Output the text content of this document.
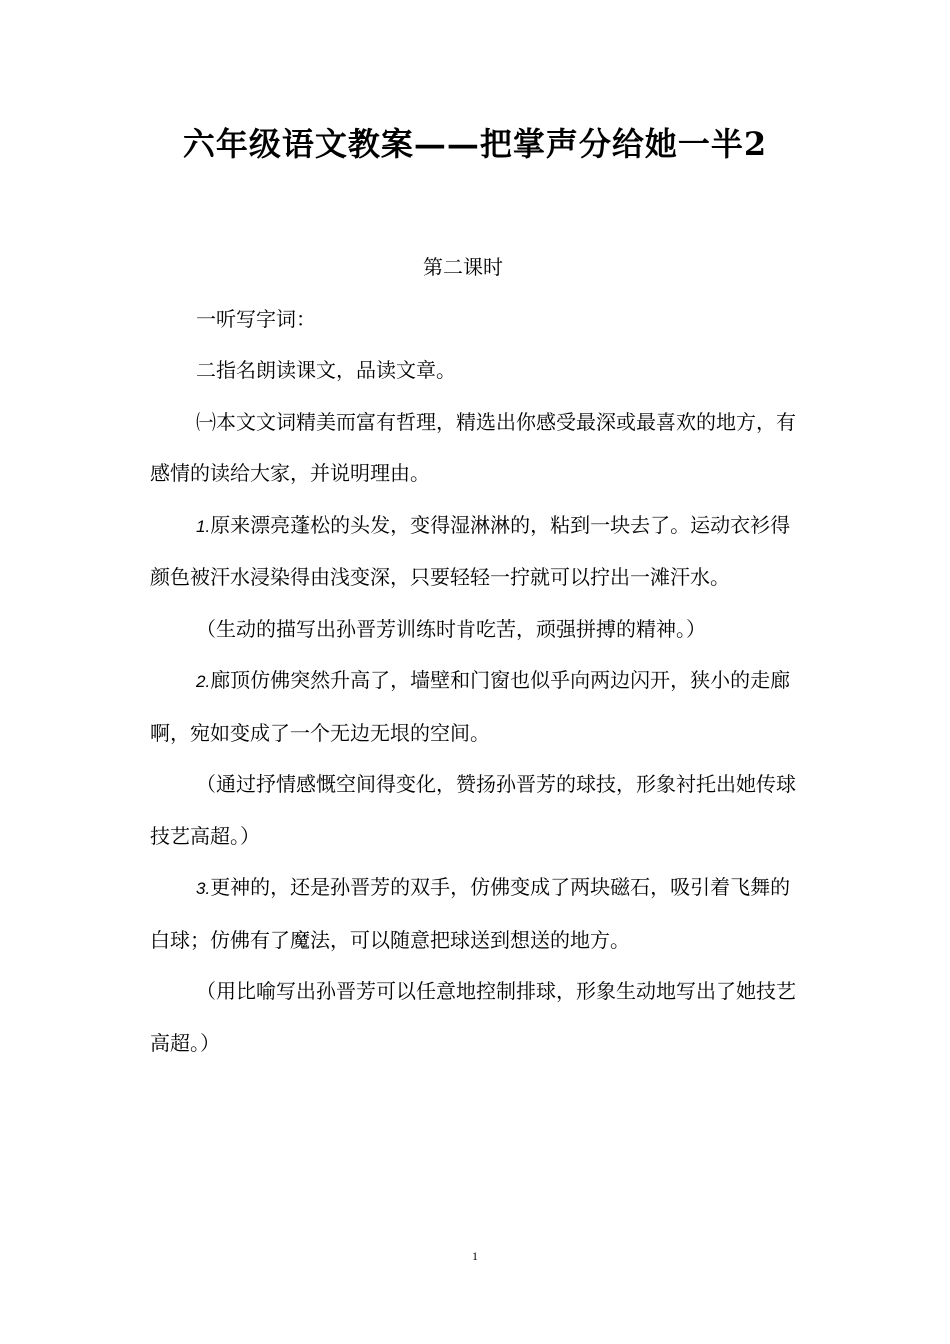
六年级语文教案——把掌声分给她一半2

第二课时

一听写字词：

二指名朗读课文，品读文章。

㈠本文文词精美而富有哲理，精选出你感受最深或最喜欢的地方，有感情的读给大家，并说明理由。

1.原来漂亮蓬松的头发，变得湿淋淋的，粘到一块去了。运动衣衫得颜色被汗水浸染得由浅变深，只要轻轻一拧就可以拧出一滩汗水。

（生动的描写出孙晋芳训练时肯吃苦，顽强拼搏的精神。）

2.廊顶仿佛突然升高了，墙壁和门窗也似乎向两边闪开，狭小的走廊啊，宛如变成了一个无边无垠的空间。

（通过抒情感慨空间得变化，赞扬孙晋芳的球技，形象衬托出她传球技艺高超。）

3.更神的，还是孙晋芳的双手，仿佛变成了两块磁石，吸引着飞舞的白球；仿佛有了魔法，可以随意把球送到想送的地方。

（用比喻写出孙晋芳可以任意地控制排球，形象生动地写出了她技艺高超。）

1
